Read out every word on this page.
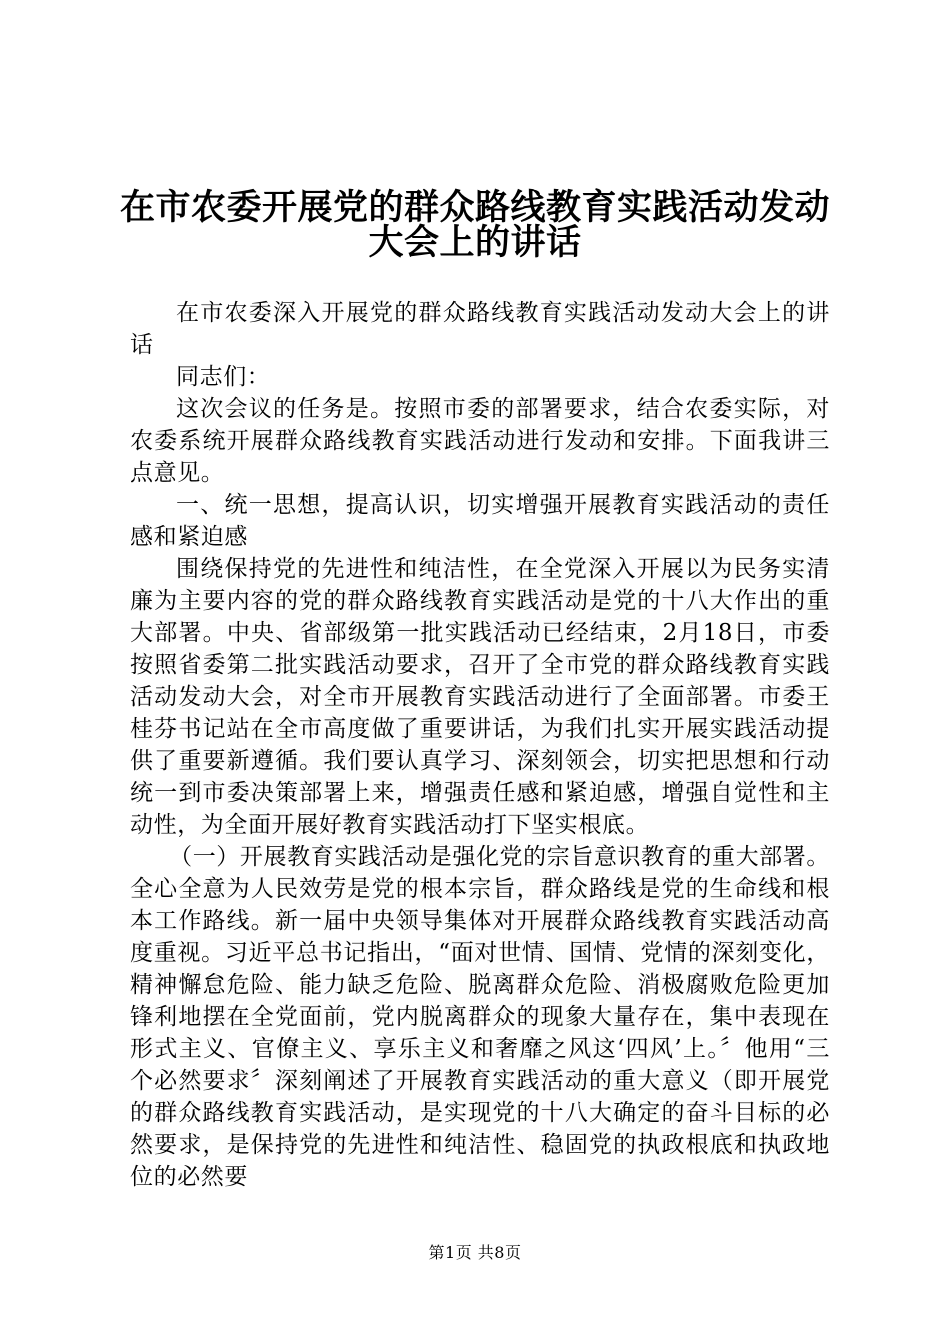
在市农委开展党的群众路线教育实践活动发动
大会上的讲话

在市农委深入开展党的群众路线教育实践活动发动大会上的讲话

同志们：

这次会议的任务是。按照市委的部署要求，结合农委实际，对农委系统开展群众路线教育实践活动进行发动和安排。下面我讲三点意见。

一、统一思想，提高认识，切实增强开展教育实践活动的责任感和紧迫感

围绕保持党的先进性和纯洁性，在全党深入开展以为民务实清廉为主要内容的党的群众路线教育实践活动是党的十八大作出的重大部署。中央、省部级第一批实践活动已经结束，2月18日，市委按照省委第二批实践活动要求，召开了全市党的群众路线教育实践活动发动大会，对全市开展教育实践活动进行了全面部署。市委王桂芬书记站在全市高度做了重要讲话，为我们扎实开展实践活动提供了重要新遵循。我们要认真学习、深刻领会，切实把思想和行动统一到市委决策部署上来，增强责任感和紧迫感，增强自觉性和主动性，为全面开展好教育实践活动打下坚实根底。

（一）开展教育实践活动是强化党的宗旨意识教育的重大部署。全心全意为人民效劳是党的根本宗旨，群众路线是党的生命线和根本工作路线。新一届中央领导集体对开展群众路线教育实践活动高度重视。习近平总书记指出，“面对世情、国情、党情的深刻变化，精神懈怠危险、能力缺乏危险、脱离群众危险、消极腐败危险更加锋利地摆在全党面前，党内脱离群众的现象大量存在，集中表现在形式主义、官僚主义、享乐主义和奢靡之风这‘四风’上。〞他用“三个必然要求〞深刻阐述了开展教育实践活动的重大意义（即开展党的群众路线教育实践活动，是实现党的十八大确定的奋斗目标的必然要求，是保持党的先进性和纯洁性、稳固党的执政根底和执政地位的必然要

第1页 共8页
